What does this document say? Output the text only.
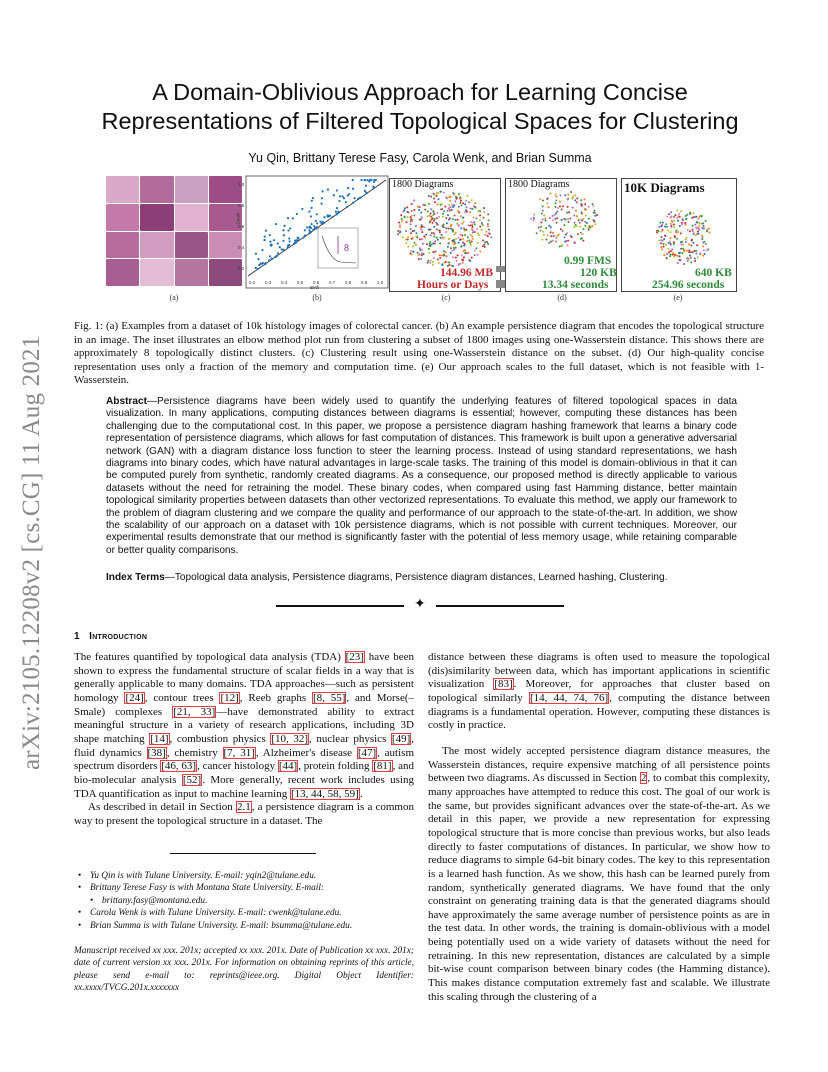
arXiv:2105.12208v2 [cs.CG] 11 Aug 2021
A Domain-Oblivious Approach for Learning Concise Representations of Filtered Topological Spaces for Clustering
Yu Qin, Brittany Terese Fasy, Carola Wenk, and Brian Summa
(a)
1.0
0.8
0.6
0.4
0.2
0.2 0.3 0.4 0.5 0.6 0.7 0.8 0.9 1.0
Birth
8
Death
(b)
1800 Diagrams
144.96 MB
Hours or Days
(c)
1800 Diagrams
0.99 FMS
120 KB
13.34 seconds
(d)
10K Diagrams
640 KB
254.96 seconds
(e)
Fig. 1: (a) Examples from a dataset of 10k histology images of colorectal cancer. (b) An example persistence diagram that encodes the topological structure in an image. The inset illustrates an elbow method plot run from clustering a subset of 1800 images using one-Wasserstein distance. This shows there are approximately 8 topologically distinct clusters. (c) Clustering result using one-Wasserstein distance on the subset. (d) Our high-quality concise representation uses only a fraction of the memory and computation time. (e) Our approach scales to the full dataset, which is not feasible with 1-Wasserstein.
Abstract—Persistence diagrams have been widely used to quantify the underlying features of filtered topological spaces in data visualization. In many applications, computing distances between diagrams is essential; however, computing these distances has been challenging due to the computational cost. In this paper, we propose a persistence diagram hashing framework that learns a binary code representation of persistence diagrams, which allows for fast computation of distances. This framework is built upon a generative adversarial network (GAN) with a diagram distance loss function to steer the learning process. Instead of using standard representations, we hash diagrams into binary codes, which have natural advantages in large-scale tasks. The training of this model is domain-oblivious in that it can be computed purely from synthetic, randomly created diagrams. As a consequence, our proposed method is directly applicable to various datasets without the need for retraining the model. These binary codes, when compared using fast Hamming distance, better maintain topological similarity properties between datasets than other vectorized representations. To evaluate this method, we apply our framework to the problem of diagram clustering and we compare the quality and performance of our approach to the state-of-the-art. In addition, we show the scalability of our approach on a dataset with 10k persistence diagrams, which is not possible with current techniques. Moreover, our experimental results demonstrate that our method is significantly faster with the potential of less memory usage, while retaining comparable or better quality comparisons.
Index Terms—Topological data analysis, Persistence diagrams, Persistence diagram distances, Learned hashing, Clustering.
✦
1 Introduction

The features quantified by topological data analysis (TDA) [23] have been shown to express the fundamental structure of scalar fields in a way that is generally applicable to many domains. TDA approaches—such as persistent homology [24], contour trees [12], Reeb graphs [8, 55], and Morse(–Smale) complexes [21, 33]—have demonstrated ability to extract meaningful structure in a variety of research applications, including 3D shape matching [14], combustion physics [10, 32], nuclear physics [49], fluid dynamics [38], chemistry [7, 31], Alzheimer's disease [47], autism spectrum disorders [46, 63], cancer histology [44], protein folding [81], and bio-molecular analysis [52]. More generally, recent work includes using TDA quantification as input to machine learning [13, 44, 58, 59].

As described in detail in Section 2.1, a persistence diagram is a common way to present the topological structure in a dataset. The

• Yu Qin is with Tulane University. E-mail: yqin2@tulane.edu.
• Brittany Terese Fasy is with Montana State University. E-mail:
• brittany.fasy@montana.edu.
• Carola Wenk is with Tulane University. E-mail: cwenk@tulane.edu.
• Brian Summa is with Tulane University. E-mail: bsumma@tulane.edu.
Manuscript received xx xxx. 201x; accepted xx xxx. 201x. Date of Publication xx xxx. 201x; date of current version xx xxx. 201x. For information on obtaining reprints of this article, please send e-mail to: reprints@ieee.org. Digital Object Identifier: xx.xxxx/TVCG.201x.xxxxxxx

distance between these diagrams is often used to measure the topological (dis)similarity between data, which has important applications in scientific visualization [83]. Moreover, for approaches that cluster based on topological similarly [14, 44, 74, 76], computing the distance between diagrams is a fundamental operation. However, computing these distances is costly in practice.

The most widely accepted persistence diagram distance measures, the Wasserstein distances, require expensive matching of all persistence points between two diagrams. As discussed in Section 2, to combat this complexity, many approaches have attempted to reduce this cost. The goal of our work is the same, but provides significant advances over the state-of-the-art. As we detail in this paper, we provide a new representation for expressing topological structure that is more concise than previous works, but also leads directly to faster computations of distances. In particular, we show how to reduce diagrams to simple 64-bit binary codes. The key to this representation is a learned hash function. As we show, this hash can be learned purely from random, synthetically generated diagrams. We have found that the only constraint on generating training data is that the generated diagrams should have approximately the same average number of persistence points as are in the test data. In other words, the training is domain-oblivious with a model being potentially used on a wide variety of datasets without the need for retraining. In this new representation, distances are calculated by a simple bit-wise count comparison between binary codes (the Hamming distance). This makes distance computation extremely fast and scalable. We illustrate this scaling through the clustering of a
